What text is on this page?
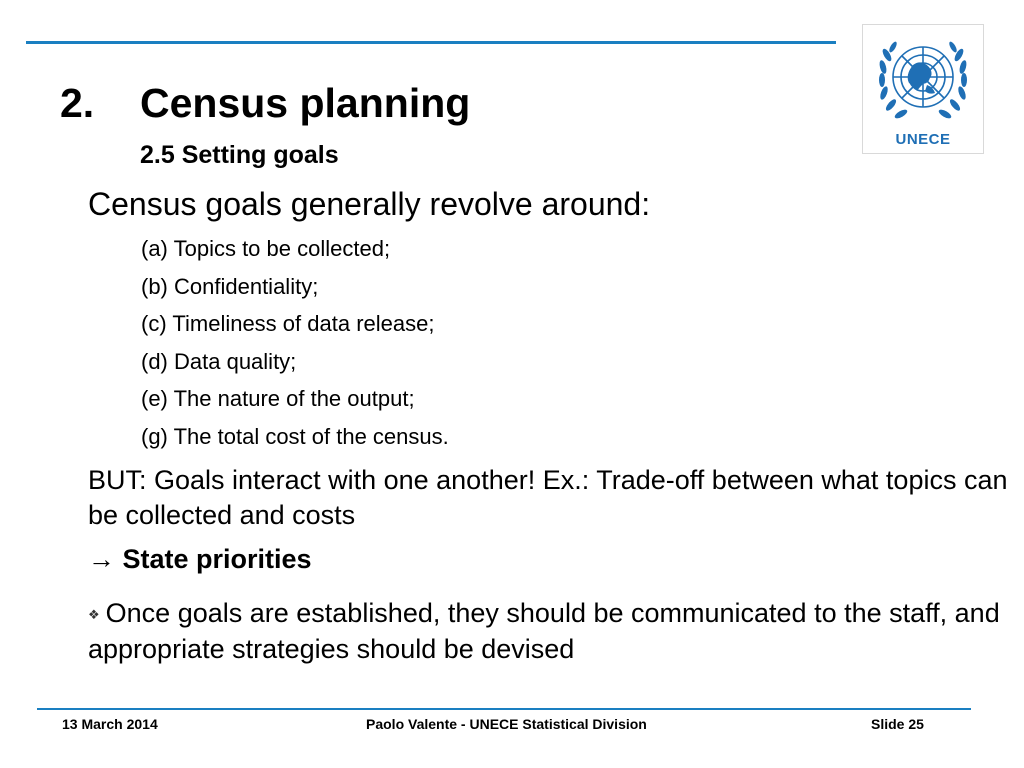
UNECE
2. Census planning
2.5 Setting goals
Census goals generally revolve around:
(a) Topics to be collected;
(b) Confidentiality;
(c) Timeliness of data release;
(d) Data quality;
(e) The nature of the output;
(g) The total cost of the census.
BUT: Goals interact with one another! Ex.: Trade-off between what topics can be collected and costs
→ State priorities
❖ Once goals are established, they should be communicated to the staff, and appropriate strategies should be devised
13 March 2014	Paolo Valente - UNECE Statistical Division	Slide 25
